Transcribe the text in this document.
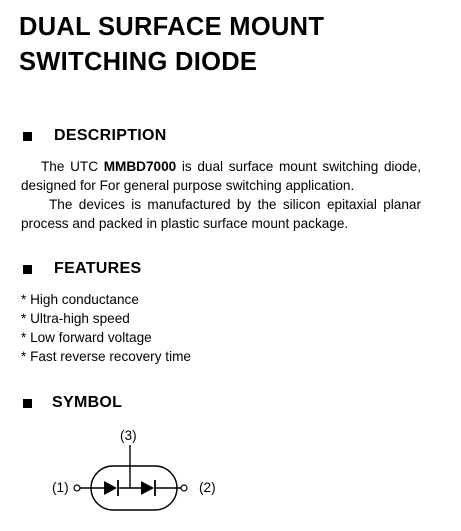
DUAL SURFACE MOUNT
SWITCHING DIODE
DESCRIPTION
The UTC MMBD7000 is dual surface mount switching diode,
designed for For general purpose switching application.
The devices is manufactured by the silicon epitaxial planar
process and packed in plastic surface mount package.
FEATURES
* High conductance
* Ultra-high speed
* Low forward voltage
* Fast reverse recovery time
SYMBOL
(3)
(1)	(2)
